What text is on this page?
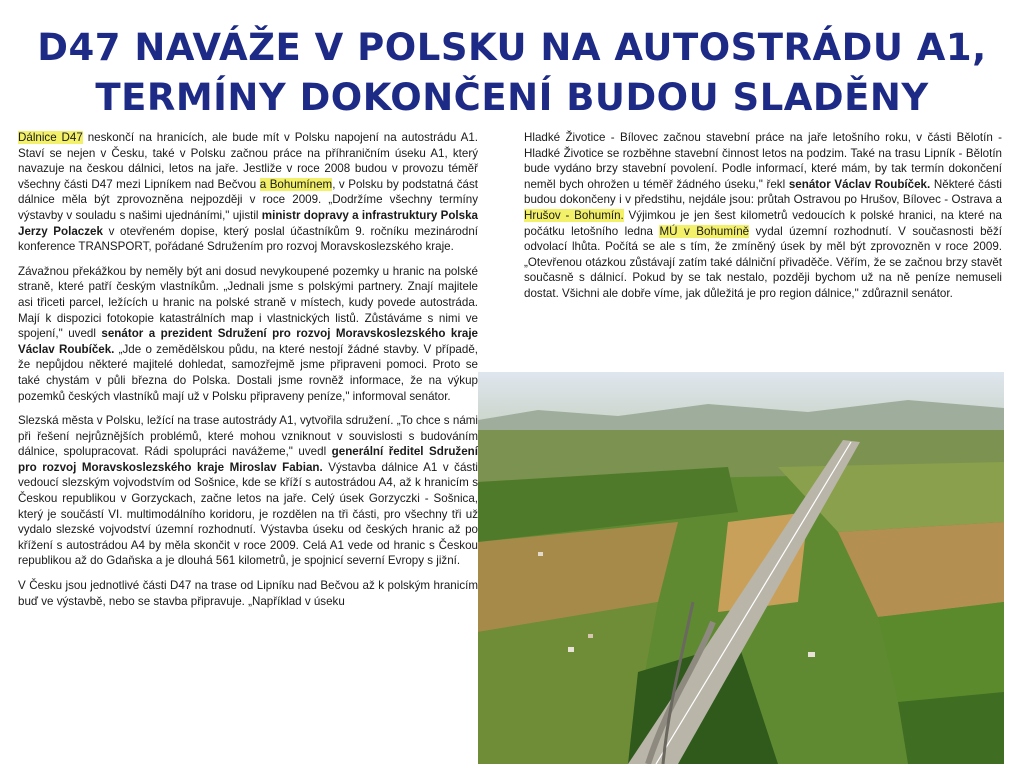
D47 NAVÁŽE V POLSKU NA AUTOSTRÁDU A1,
TERMÍNY DOKONČENÍ BUDOU SLADĚNY

Dálnice D47 neskončí na hranicích, ale bude mít v Polsku napojení na autostrádu A1. Staví se nejen v Česku, také v Polsku začnou práce na příhraničním úseku A1, který navazuje na českou dálnici, letos na jaře. Jestliže v roce 2008 budou v provozu téměř všechny části D47 mezi Lipníkem nad Bečvou a Bohumínem, v Polsku by podstatná část dálnice měla být zprovozněna nejpozději v roce 2009. „Dodržíme všechny termíny výstavby v souladu s našimi ujednáními," ujistil ministr dopravy a infrastruktury Polska Jerzy Polaczek v otevřeném dopise, který poslal účastníkům 9. ročníku mezinárodní konference TRANSPORT, pořádané Sdružením pro rozvoj Moravskoslezského kraje.

Závažnou překážkou by neměly být ani dosud nevykoupené pozemky u hranic na polské straně, které patří českým vlastníkům. „Jednali jsme s polskými partnery. Znají majitele asi třiceti parcel, ležících u hranic na polské straně v místech, kudy povede autostráda. Mají k dispozici fotokopie katastrálních map i vlastnických listů. Zůstáváme s nimi ve spojení," uvedl senátor a prezident Sdružení pro rozvoj Moravskoslezského kraje Václav Roubíček. „Jde o zemědělskou půdu, na které nestojí žádné stavby. V případě, že nepůjdou některé majitelé dohledat, samozřejmě jsme připraveni pomoci. Proto se také chystám v půli března do Polska. Dostali jsme rovněž informace, že na výkup pozemků českých vlastníků mají už v Polsku připraveny peníze," informoval senátor.

Slezská města v Polsku, ležící na trase autostrády A1, vytvořila sdružení. „To chce s námi při řešení nejrůznějších problémů, které mohou vzniknout v souvislosti s budováním dálnice, spolupracovat. Rádi spolupráci navážeme," uvedl generální ředitel Sdružení pro rozvoj Moravskoslezského kraje Miroslav Fabian. Výstavba dálnice A1 v části vedoucí slezským vojvodstvím od Sošnice, kde se kříží s autostrádou A4, až k hranicím s Českou republikou v Gorzyckach, začne letos na jaře. Celý úsek Gorzyczki - Sošnica, který je součástí VI. multimodálního koridoru, je rozdělen na tři části, pro všechny tři už vydalo slezské vojvodství územní rozhodnutí. Výstavba úseku od českých hranic až po křížení s autostrádou A4 by měla skončit v roce 2009. Celá A1 vede od hranic s Českou republikou až do Gdaňska a je dlouhá 561 kilometrů, je spojnicí severní Evropy s jižní.

V Česku jsou jednotlivé části D47 na trase od Lipníku nad Bečvou až k polským hranicím buď ve výstavbě, nebo se stavba připravuje. „Například v úseku

Hladké Životice - Bílovec začnou stavební práce na jaře letošního roku, v části Bělotín - Hladké Životice se rozběhne stavební činnost letos na podzim. Také na trasu Lipník - Bělotín bude vydáno brzy stavební povolení. Podle informací, které mám, by tak termín dokončení neměl bych ohrožen u téměř žádného úseku," řekl senátor Václav Roubíček. Některé části budou dokončeny i v předstihu, nejdále jsou: průtah Ostravou po Hrušov, Bílovec - Ostrava a Hrušov - Bohumín. Výjimkou je jen šest kilometrů vedoucích k polské hranici, na které na počátku letošního ledna MÚ v Bohumíně vydal územní rozhodnutí. V současnosti běží odvolací lhůta. Počítá se ale s tím, že zmíněný úsek by měl být zprovozněn v roce 2009. „Otevřenou otázkou zůstávají zatím také dálniční přivaděče. Věřím, že se začnou brzy stavět současně s dálnicí. Pokud by se tak nestalo, později bychom už na ně peníze nemuseli dostat. Všichni ale dobře víme, jak důležitá je pro region dálnice," zdůraznil senátor.
